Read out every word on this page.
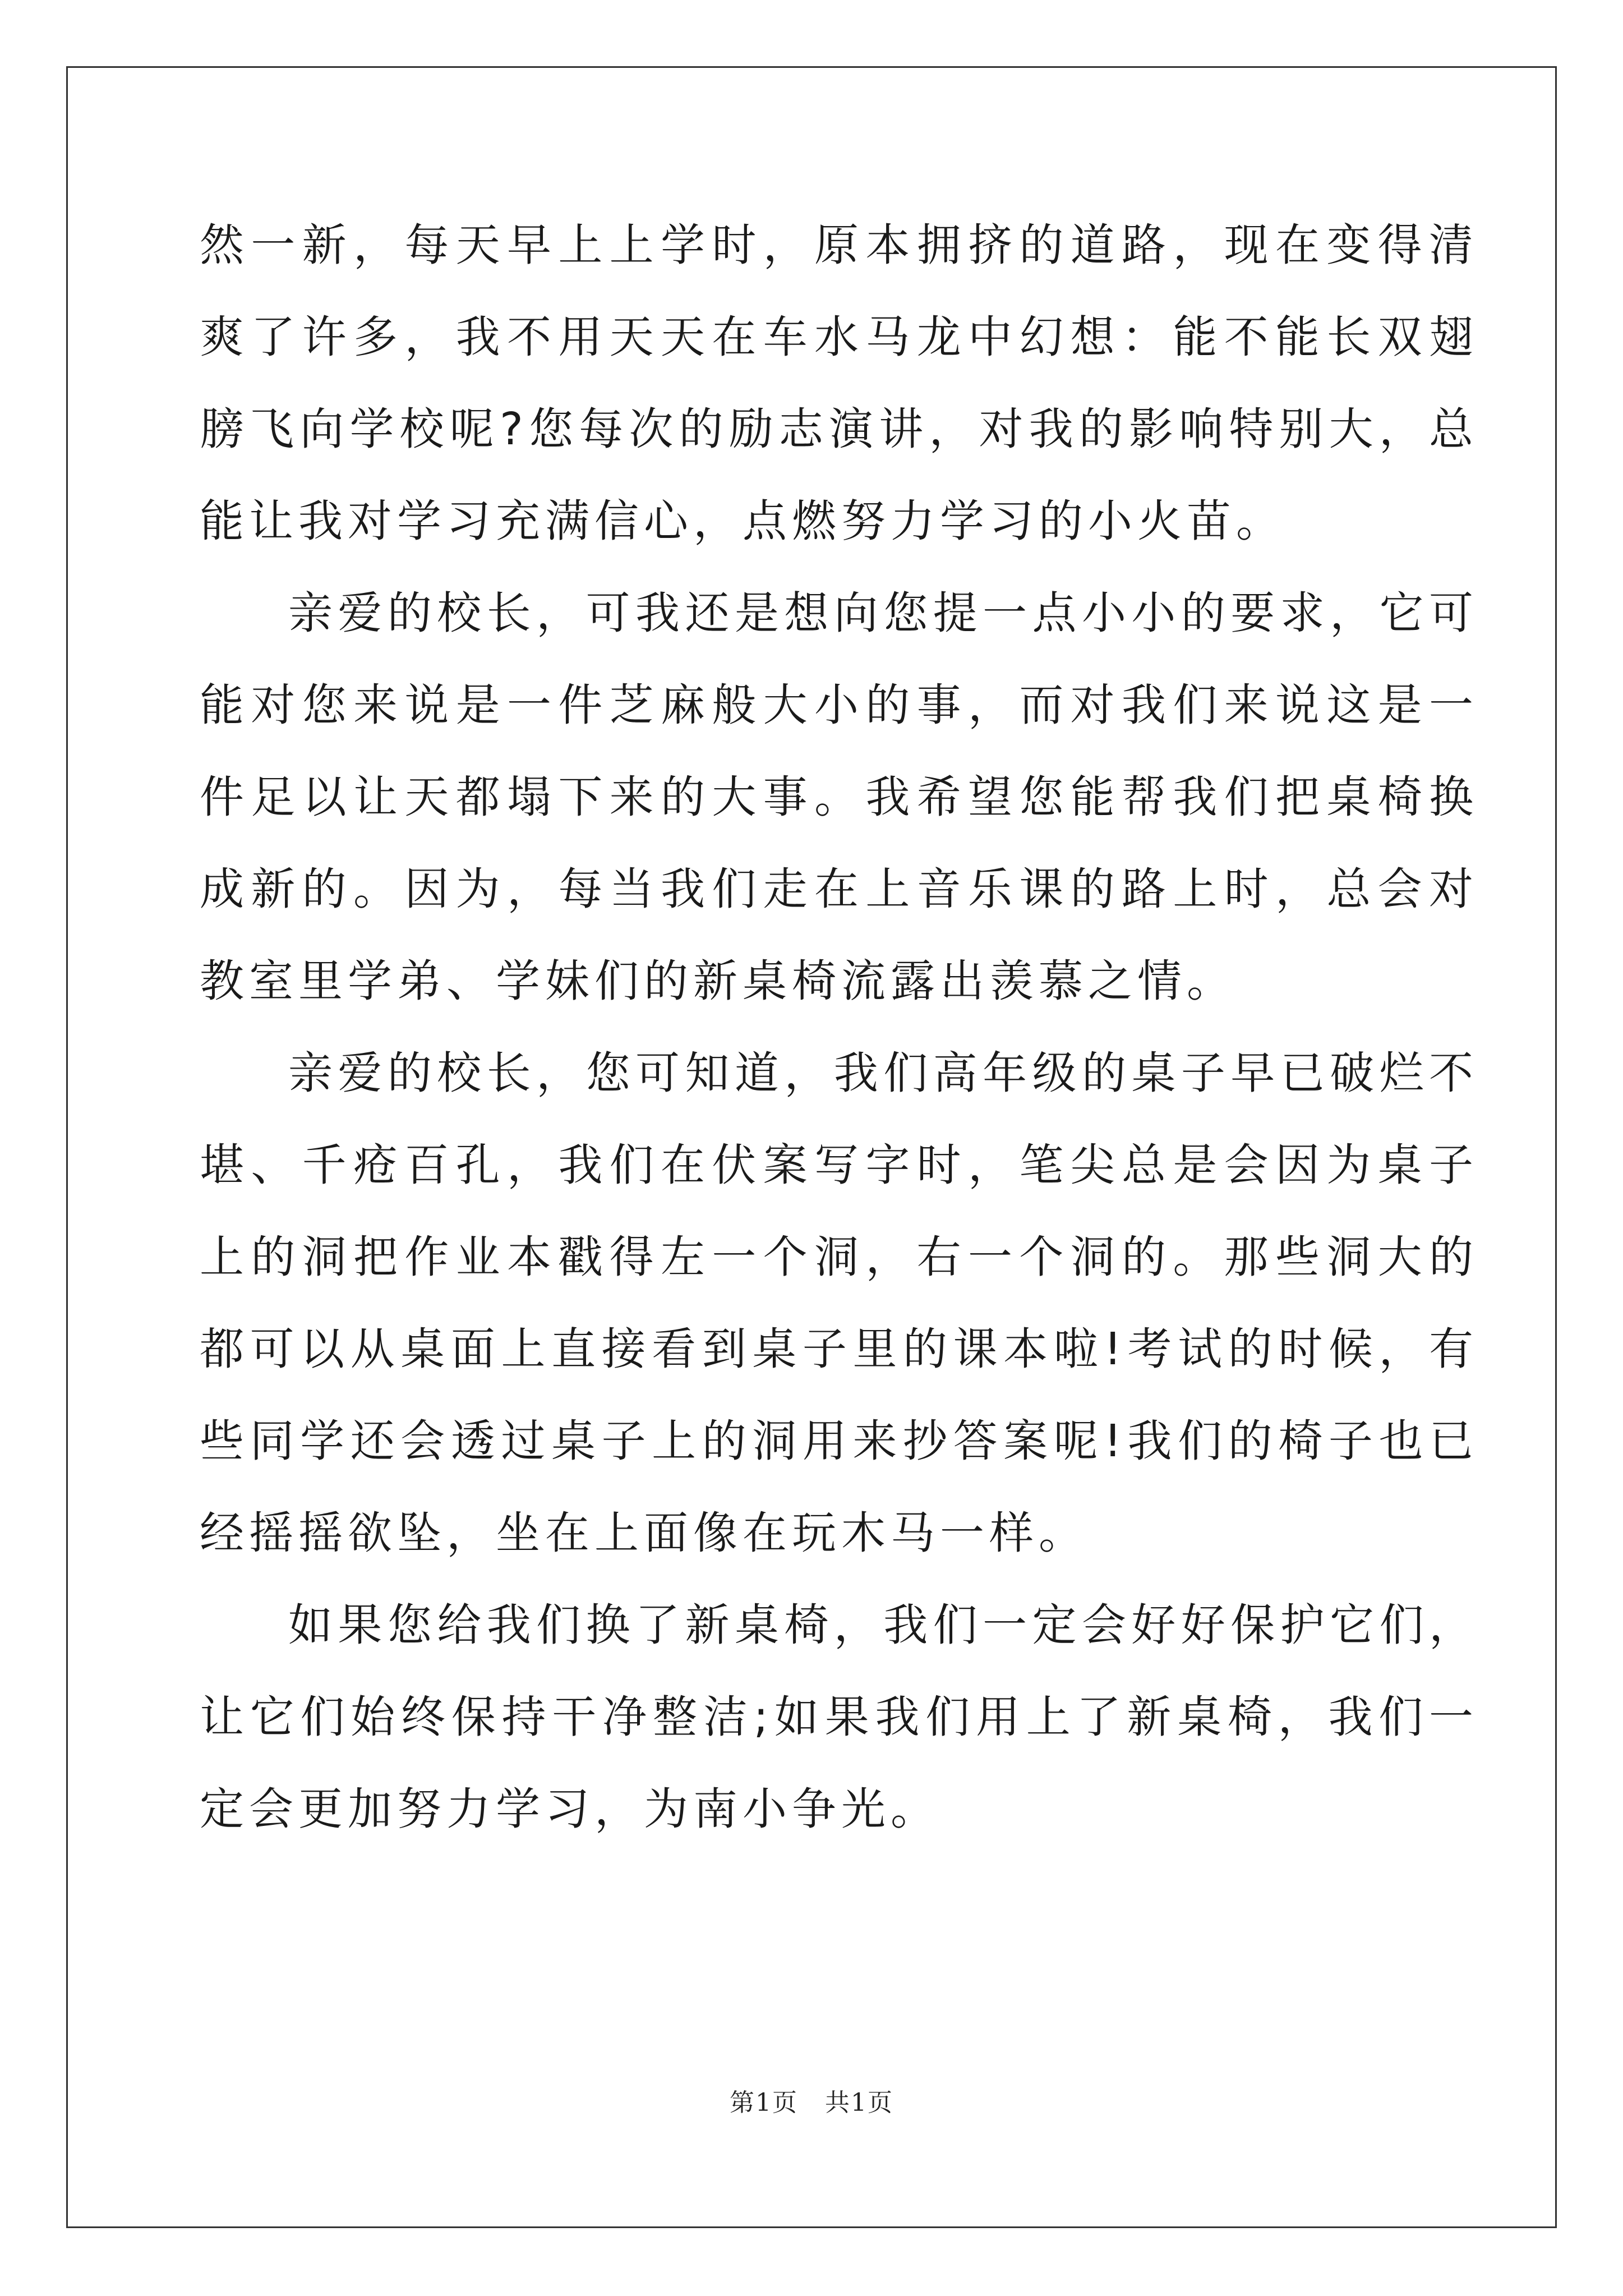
然一新，每天早上上学时，原本拥挤的道路，现在变得清爽了许多，我不用天天在车水马龙中幻想：能不能长双翅膀飞向学校呢?您每次的励志演讲，对我的影响特别大，总能让我对学习充满信心，点燃努力学习的小火苗。

亲爱的校长，可我还是想向您提一点小小的要求，它可能对您来说是一件芝麻般大小的事，而对我们来说这是一件足以让天都塌下来的大事。我希望您能帮我们把桌椅换成新的。因为，每当我们走在上音乐课的路上时，总会对教室里学弟、学妹们的新桌椅流露出羡慕之情。

亲爱的校长，您可知道，我们高年级的桌子早已破烂不堪、千疮百孔，我们在伏案写字时，笔尖总是会因为桌子上的洞把作业本戳得左一个洞，右一个洞的。那些洞大的都可以从桌面上直接看到桌子里的课本啦!考试的时候，有些同学还会透过桌子上的洞用来抄答案呢!我们的椅子也已经摇摇欲坠，坐在上面像在玩木马一样。

如果您给我们换了新桌椅，我们一定会好好保护它们，让它们始终保持干净整洁;如果我们用上了新桌椅，我们一定会更加努力学习，为南小争光。

第1页 共1页
